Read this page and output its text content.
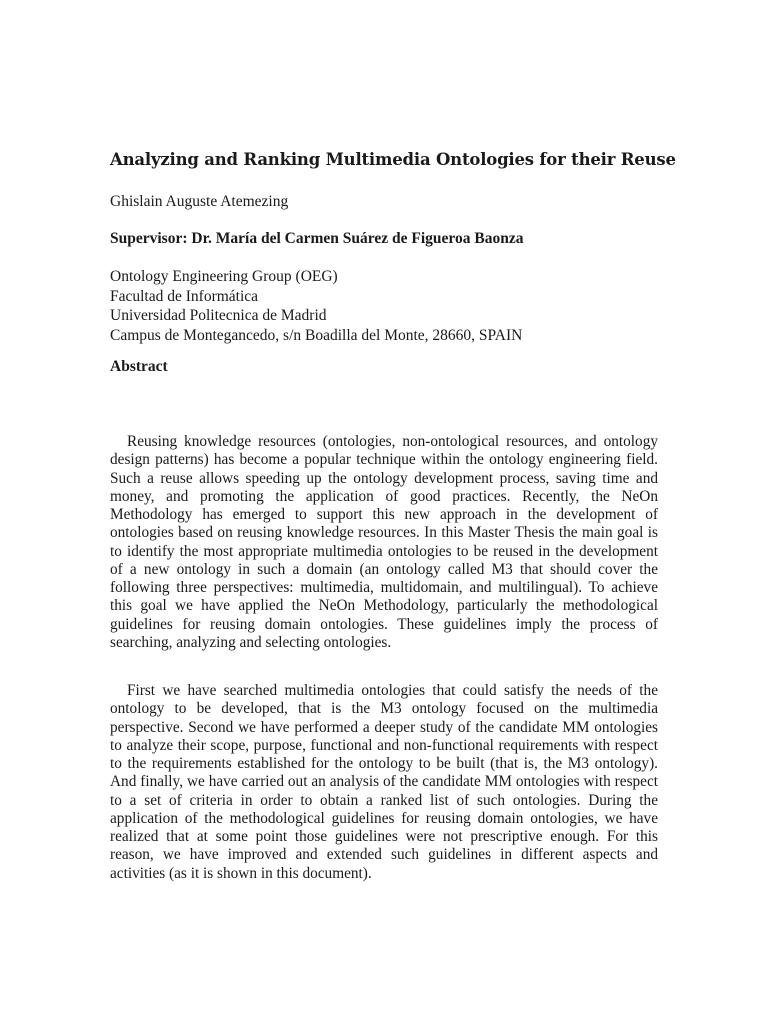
Analyzing and Ranking Multimedia Ontologies for their Reuse

Ghislain Auguste Atemezing

Supervisor: Dr. María del Carmen Suárez de Figueroa Baonza

Ontology Engineering Group (OEG)
Facultad de Informática
Universidad Politecnica de Madrid
Campus de Montegancedo, s/n Boadilla del Monte, 28660, SPAIN
Abstract

Reusing knowledge resources (ontologies, non-ontological resources, and ontology design patterns) has become a popular technique within the ontology engineering field. Such a reuse allows speeding up the ontology development process, saving time and money, and promoting the application of good practices. Recently, the NeOn Methodology has emerged to support this new approach in the development of ontologies based on reusing knowledge resources. In this Master Thesis the main goal is to identify the most appropriate multimedia ontologies to be reused in the development of a new ontology in such a domain (an ontology called M3 that should cover the following three perspectives: multimedia, multidomain, and multilingual). To achieve this goal we have applied the NeOn Methodology, particularly the methodological guidelines for reusing domain ontologies. These guidelines imply the process of searching, analyzing and selecting ontologies.

First we have searched multimedia ontologies that could satisfy the needs of the ontology to be developed, that is the M3 ontology focused on the multimedia perspective. Second we have performed a deeper study of the candidate MM ontologies to analyze their scope, purpose, functional and non-functional requirements with respect to the requirements established for the ontology to be built (that is, the M3 ontology). And finally, we have carried out an analysis of the candidate MM ontologies with respect to a set of criteria in order to obtain a ranked list of such ontologies. During the application of the methodological guidelines for reusing domain ontologies, we have realized that at some point those guidelines were not prescriptive enough. For this reason, we have improved and extended such guidelines in different aspects and activities (as it is shown in this document).
